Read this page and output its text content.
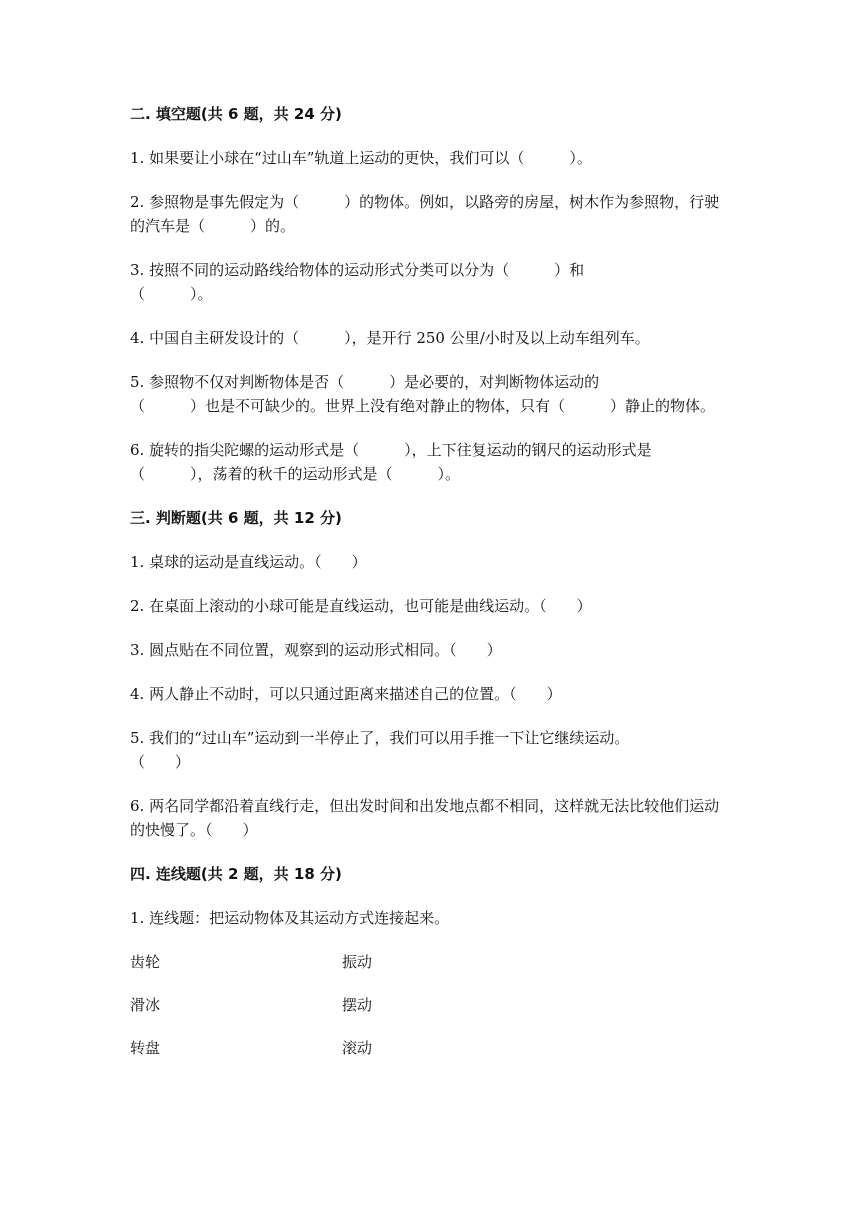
二. 填空题(共 6 题，共 24 分)
1. 如果要让小球在“过山车”轨道上运动的更快，我们可以（　　　）。
2. 参照物是事先假定为（　　　）的物体。例如，以路旁的房屋，树木作为参照物，行驶的汽车是（　　　）的。
3. 按照不同的运动路线给物体的运动形式分类可以分为（　　　）和
（　　　）。
4. 中国自主研发设计的（　　　），是开行 250 公里/小时及以上动车组列车。
5. 参照物不仅对判断物体是否（　　　）是必要的，对判断物体运动的
（　　　）也是不可缺少的。世界上没有绝对静止的物体，只有（　　　）静止的物体。
6. 旋转的指尖陀螺的运动形式是（　　　），上下往复运动的钢尺的运动形式是（　　　），荡着的秋千的运动形式是（　　　）。
三. 判断题(共 6 题，共 12 分)
1. 桌球的运动是直线运动。（　　）
2. 在桌面上滚动的小球可能是直线运动，也可能是曲线运动。（　　）
3. 圆点贴在不同位置，观察到的运动形式相同。（　　）
4. 两人静止不动时，可以只通过距离来描述自己的位置。（　　）
5. 我们的“过山车”运动到一半停止了，我们可以用手推一下让它继续运动。
（　　）
6. 两名同学都沿着直线行走，但出发时间和出发地点都不相同，这样就无法比较他们运动的快慢了。（　　）
四. 连线题(共 2 题，共 18 分)
1. 连线题：把运动物体及其运动方式连接起来。
齿轮	振动
滑冰	摆动
转盘	滚动
